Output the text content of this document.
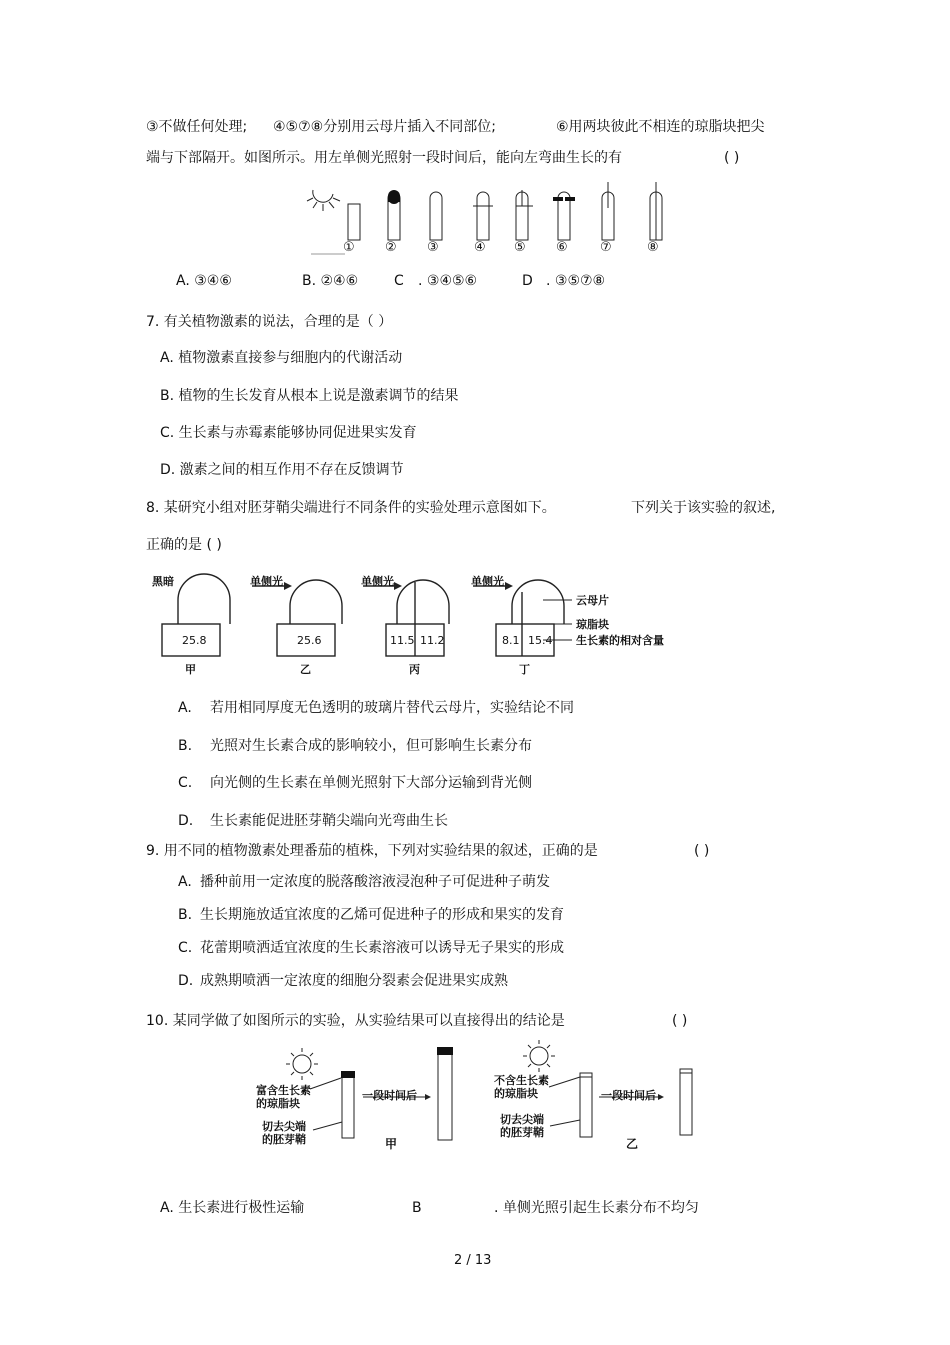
③不做任何处理; ④⑤⑦⑧分别用云母片插入不同部位;	⑥用两块彼此不相连的琼脂块把尖
端与下部隔开。如图所示。用左单侧光照射一段时间后，能向左弯曲生长的有	( )
① ② ③	④ ⑤ ⑥ ⑦	⑧
A. ③④⑥	B. ②④⑥	C . ③④⑤⑥	D . ③⑤⑦⑧
7. 有关植物激素的说法，合理的是（ ）
A. 植物激素直接参与细胞内的代谢活动
B. 植物的生长发育从根本上说是激素调节的结果
C. 生长素与赤霉素能够协同促进果实发育
D. 激素之间的相互作用不存在反馈调节
8. 某研究小组对胚芽鞘尖端进行不同条件的实验处理示意图如下。	下列关于该实验的叙述,
正确的是 ( )
黑暗	单侧光	单侧光	单侧光
25.8	25.6	11.5 11.2	8.1 15.4
云母片
琼脂块
生长素的相对含量
甲	乙	丙	丁
A. 若用相同厚度无色透明的玻璃片替代云母片，实验结论不同
B. 光照对生长素合成的影响较小，但可影响生长素分布
C. 向光侧的生长素在单侧光照射下大部分运输到背光侧
D. 生长素能促进胚芽鞘尖端向光弯曲生长
9. 用不同的植物激素处理番茄的植株，下列对实验结果的叙述，正确的是	( )
A. 播种前用一定浓度的脱落酸溶液浸泡种子可促进种子萌发
B. 生长期施放适宜浓度的乙烯可促进种子的形成和果实的发育
C. 花蕾期喷洒适宜浓度的生长素溶液可以诱导无子果实的形成
D. 成熟期喷洒一定浓度的细胞分裂素会促进果实成熟
10. 某同学做了如图所示的实验，从实验结果可以直接得出的结论是	( )
富含生长素
的琼脂块
切去尖端
的胚芽鞘
一段时间后
甲
不含生长素
的琼脂块
切去尖端
的胚芽鞘
一段时间后
乙
A. 生长素进行极性运输	B	. 单侧光照引起生长素分布不均匀
2 / 13
